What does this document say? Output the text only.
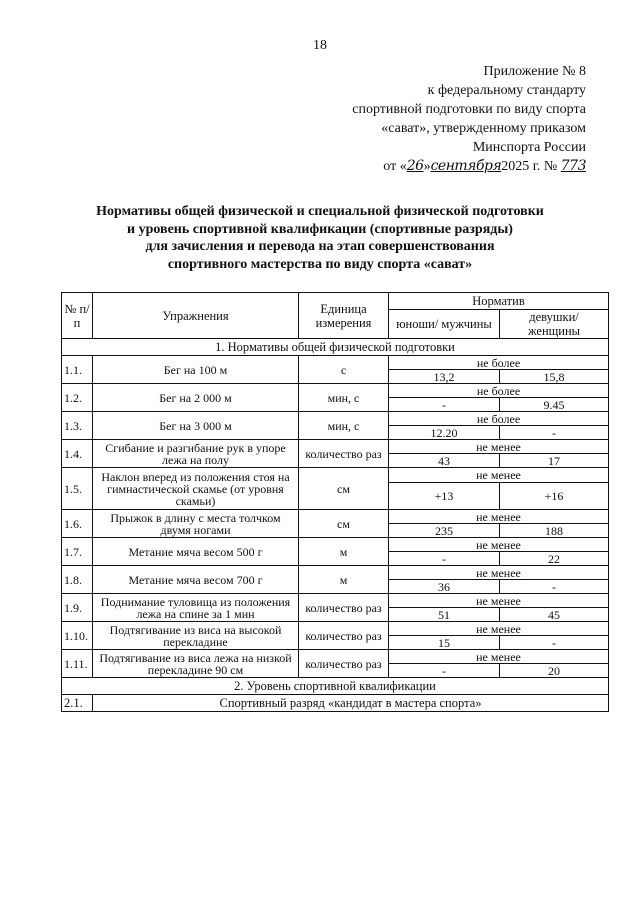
18
Приложение № 8
к федеральному стандарту
спортивной подготовки по виду спорта
«сават», утвержденному приказом
Минспорта России
от «26»сентября2025 г. № 773
Нормативы общей физической и специальной физической подготовки
и уровень спортивной квалификации (спортивные разряды)
для зачисления и перевода на этап совершенствования
спортивного мастерства по виду спорта «сават»
№ п/п	Упражнения	Единица измерения	Норматив	
			юноши/ мужчины	девушки/ женщины
1. Нормативы общей физической подготовки				
1.1.	Бег на 100 м	с	не более	
			13,2	15,8
1.2.	Бег на 2 000 м	мин, с	не более	
			-	9.45
1.3.	Бег на 3 000 м	мин, с	не более	
			12.20	-
1.4.	Сгибание и разгибание рук в упоре лежа на полу	количество раз	не менее	
			43	17
1.5.	Наклон вперед из положения стоя на гимнастической скамье (от уровня скамьи)	см	не менее	
			+13	+16
1.6.	Прыжок в длину с места толчком двумя ногами	см	не менее	
			235	188
1.7.	Метание мяча весом 500 г	м	не менее	
			-	22
1.8.	Метание мяча весом 700 г	м	не менее	
			36	-
1.9.	Поднимание туловища из положения лежа на спине за 1 мин	количество раз	не менее	
			51	45
1.10.	Подтягивание из виса на высокой перекладине	количество раз	не менее	
			15	-
1.11.	Подтягивание из виса лежа на низкой перекладине 90 см	количество раз	не менее	
			-	20
2. Уровень спортивной квалификации				
2.1.	Спортивный разряд «кандидат в мастера спорта»			
